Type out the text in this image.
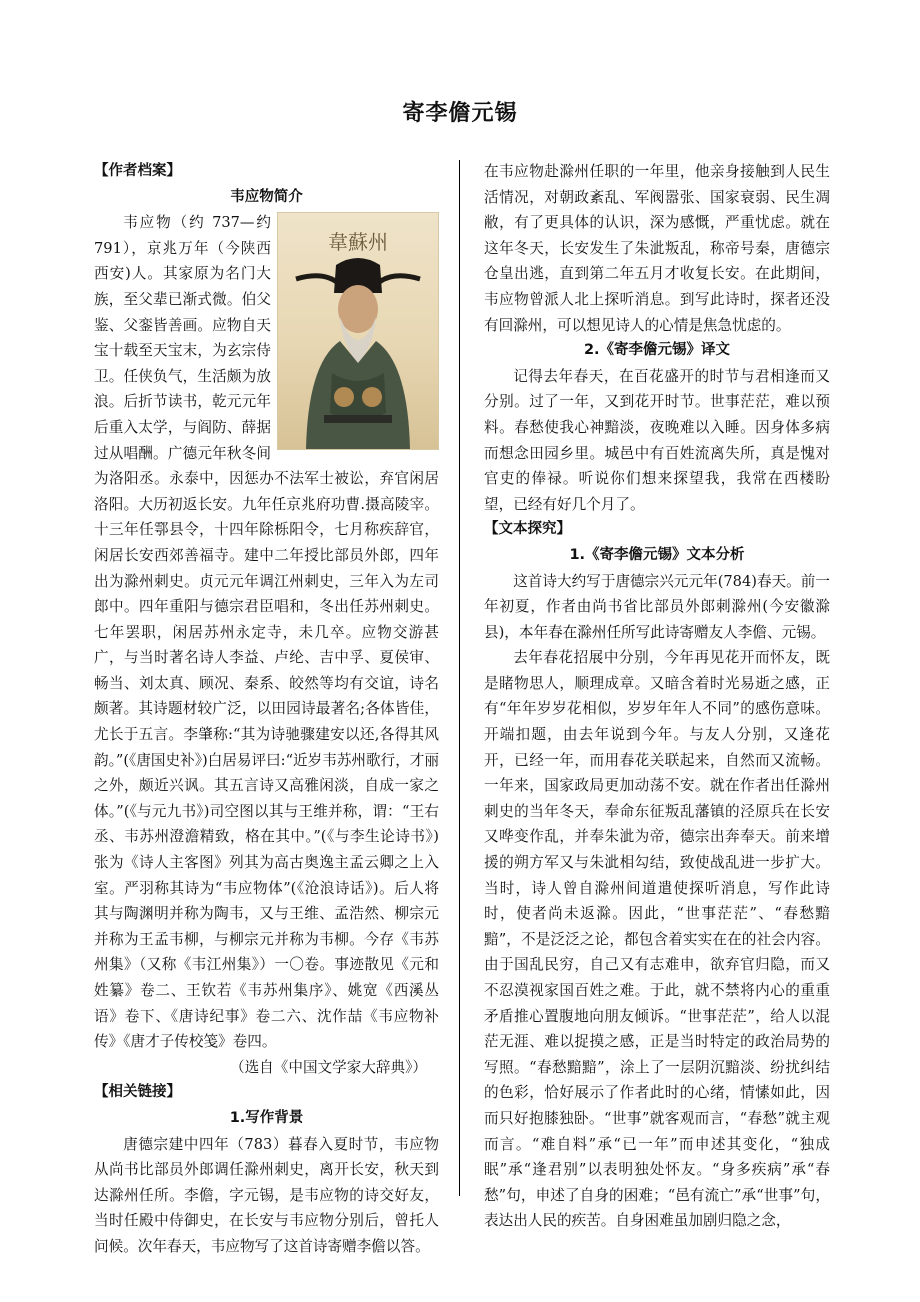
寄李儋元锡
【作者档案】
韦应物简介
韋蘇州

韦应物（约 737—约 791），京兆万年（今陕西西安)人。其家原为名门大族，至父辈已渐式微。伯父鉴、父銮皆善画。应物自天宝十载至天宝末，为玄宗侍卫。任侠负气，生活颇为放浪。后折节读书，乾元元年后重入太学，与阎防、薛据过从唱酬。广德元年秋冬间为洛阳丞。永泰中，因惩办不法军士被讼，弃官闲居洛阳。大历初返长安。九年任京兆府功曹.摄高陵宰。十三年任鄠县令，十四年除栎阳令，七月称疾辞官，闲居长安西郊善福寺。建中二年授比部员外郎，四年出为滁州刺史。贞元元年调江州刺史，三年入为左司郎中。四年重阳与德宗君臣唱和，冬出任苏州刺史。七年罢职，闲居苏州永定寺，未几卒。应物交游甚广，与当时著名诗人李益、卢纶、吉中孚、夏侯审、畅当、刘太真、顾况、秦系、皎然等均有交谊，诗名颇著。其诗题材较广泛，以田园诗最著名;各体皆佳，尤长于五言。李肇称:“其为诗驰骤建安以还,各得其风韵。”(《唐国史补》)白居易评曰:“近岁韦苏州歌行，才丽之外，颇近兴讽。其五言诗又高雅闲淡，自成一家之体。”(《与元九书》)司空图以其与王维并称，谓：“王右丞、韦苏州澄澹精致，格在其中。”(《与李生论诗书》)张为《诗人主客图》列其为高古奥逸主孟云卿之上入室。严羽称其诗为“韦应物体”(《沧浪诗话》)。后人将其与陶渊明并称为陶韦，又与王维、孟浩然、柳宗元并称为王孟韦柳，与柳宗元并称为韦柳。今存《韦苏州集》（又称《韦江州集》）一〇卷。事迹散见《元和姓纂》卷二、王钦若《韦苏州集序》、姚宽《西溪丛语》卷下、《唐诗纪事》卷二六、沈作喆《韦应物补传》《唐才子传校笺》卷四。

（选自《中国文学家大辞典》）
【相关链接】
1.写作背景

唐德宗建中四年（783）暮春入夏时节，韦应物从尚书比部员外郎调任滁州刺史，离开长安，秋天到达滁州任所。李儋，字元锡，是韦应物的诗交好友，当时任殿中侍御史，在长安与韦应物分别后，曾托人问候。次年春天，韦应物写了这首诗寄赠李儋以答。

在韦应物赴滁州任职的一年里，他亲身接触到人民生活情况，对朝政紊乱、军阀嚣张、国家衰弱、民生凋敝，有了更具体的认识，深为感慨，严重忧虑。就在这年冬天，长安发生了朱泚叛乱，称帝号秦，唐德宗仓皇出逃，直到第二年五月才收复长安。在此期间，韦应物曾派人北上探听消息。到写此诗时，探者还没有回滁州，可以想见诗人的心情是焦急忧虑的。

2.《寄李儋元锡》译文

记得去年春天，在百花盛开的时节与君相逢而又分别。过了一年，又到花开时节。世事茫茫，难以预料。春愁使我心神黯淡，夜晚难以入睡。因身体多病而想念田园乡里。城邑中有百姓流离失所，真是愧对官吏的俸禄。听说你们想来探望我，我常在西楼盼望，已经有好几个月了。

【文本探究】
1.《寄李儋元锡》文本分析

这首诗大约写于唐德宗兴元元年(784)春天。前一年初夏，作者由尚书省比部员外郎刺滁州(今安徽滁县)，本年春在滁州任所写此诗寄赠友人李儋、元锡。

去年春花招展中分别，今年再见花开而怀友，既是睹物思人，顺理成章。又暗含着时光易逝之感，正有“年年岁岁花相似，岁岁年年人不同”的感伤意味。开端扣题，由去年说到今年。与友人分别，又逢花开，已经一年，而用春花关联起来，自然而又流畅。一年来，国家政局更加动荡不安。就在作者出任滁州刺史的当年冬天，奉命东征叛乱藩镇的泾原兵在长安又哗变作乱，并奉朱泚为帝，德宗出奔奉天。前来增援的朔方军又与朱泚相勾结，致使战乱进一步扩大。当时，诗人曾自滁州间道遣使探听消息，写作此诗时，使者尚未返滁。因此，“世事茫茫”、“春愁黯黯”，不是泛泛之论，都包含着实实在在的社会内容。由于国乱民穷，自己又有志难申，欲弃官归隐，而又不忍漠视家国百姓之难。于此，就不禁将内心的重重矛盾推心置腹地向朋友倾诉。“世事茫茫”，给人以混茫无涯、难以捉摸之感，正是当时特定的政治局势的写照。“春愁黯黯”，涂上了一层阴沉黯淡、纷扰纠结的色彩，恰好展示了作者此时的心绪，情愫如此，因而只好抱膝独卧。“世事”就客观而言，“春愁”就主观而言。“难自料”承“已一年”而申述其变化，“独成眠”承“逢君别”以表明独处怀友。“身多疾病”承“春愁”句，申述了自身的困难；“邑有流亡”承“世事”句，表达出人民的疾苦。自身困难虽加剧归隐之念，
